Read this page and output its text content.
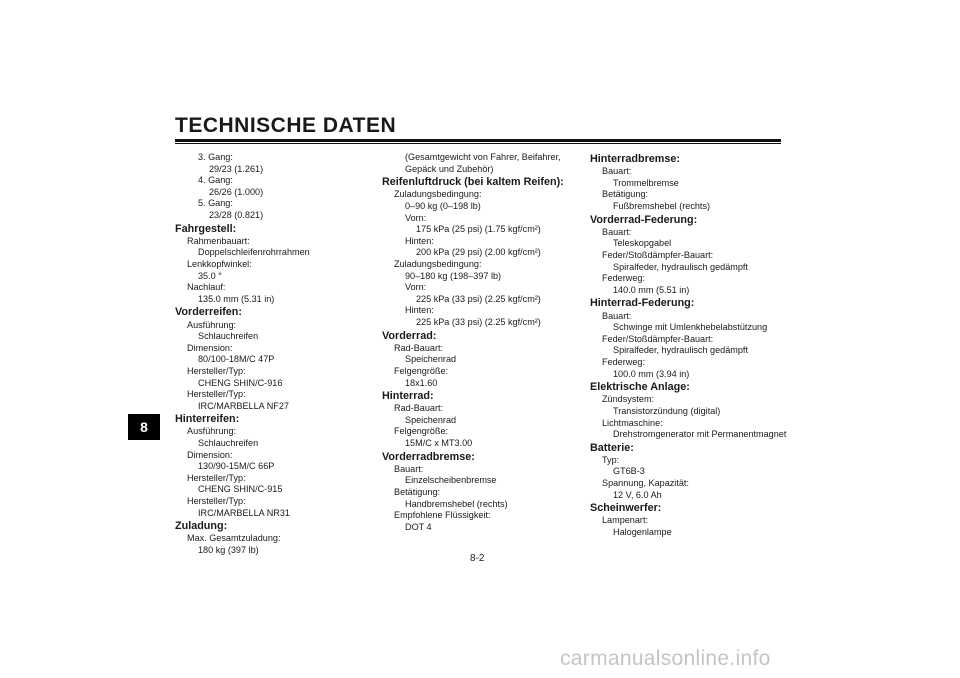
TECHNISCHE DATEN
8
3. Gang:
29/23 (1.261)
4. Gang:
26/26 (1.000)
5. Gang:
23/28 (0.821)
Fahrgestell:
Rahmenbauart:
Doppelschleifenrohrrahmen
Lenkkopfwinkel:
35.0 °
Nachlauf:
135.0 mm (5.31 in)
Vorderreifen:
Ausführung:
Schlauchreifen
Dimension:
80/100-18M/C 47P
Hersteller/Typ:
CHENG SHIN/C-916
Hersteller/Typ:
IRC/MARBELLA NF27
Hinterreifen:
Ausführung:
Schlauchreifen
Dimension:
130/90-15M/C 66P
Hersteller/Typ:
CHENG SHIN/C-915
Hersteller/Typ:
IRC/MARBELLA NR31
Zuladung:
Max. Gesamtzuladung:
180 kg (397 lb)
(Gesamtgewicht von Fahrer, Beifahrer,
Gepäck und Zubehör)
Reifenluftdruck (bei kaltem Reifen):
Zuladungsbedingung:
0–90 kg (0–198 lb)
Vorn:
175 kPa (25 psi) (1.75 kgf/cm²)
Hinten:
200 kPa (29 psi) (2.00 kgf/cm²)
Zuladungsbedingung:
90–180 kg (198–397 lb)
Vorn:
225 kPa (33 psi) (2.25 kgf/cm²)
Hinten:
225 kPa (33 psi) (2.25 kgf/cm²)
Vorderrad:
Rad-Bauart:
Speichenrad
Felgengröße:
18x1.60
Hinterrad:
Rad-Bauart:
Speichenrad
Felgengröße:
15M/C x MT3.00
Vorderradbremse:
Bauart:
Einzelscheibenbremse
Betätigung:
Handbremshebel (rechts)
Empfohlene Flüssigkeit:
DOT 4
Hinterradbremse:
Bauart:
Trommelbremse
Betätigung:
Fußbremshebel (rechts)
Vorderrad-Federung:
Bauart:
Teleskopgabel
Feder/Stoßdämpfer-Bauart:
Spiralfeder, hydraulisch gedämpft
Federweg:
140.0 mm (5.51 in)
Hinterrad-Federung:
Bauart:
Schwinge mit Umlenkhebelabstützung
Feder/Stoßdämpfer-Bauart:
Spiralfeder, hydraulisch gedämpft
Federweg:
100.0 mm (3.94 in)
Elektrische Anlage:
Zündsystem:
Transistorzündung (digital)
Lichtmaschine:
Drehstromgenerator mit Permanentmagnet
Batterie:
Typ:
GT6B-3
Spannung, Kapazität:
12 V, 6.0 Ah
Scheinwerfer:
Lampenart:
Halogenlampe
8-2
carmanualsonline.info
